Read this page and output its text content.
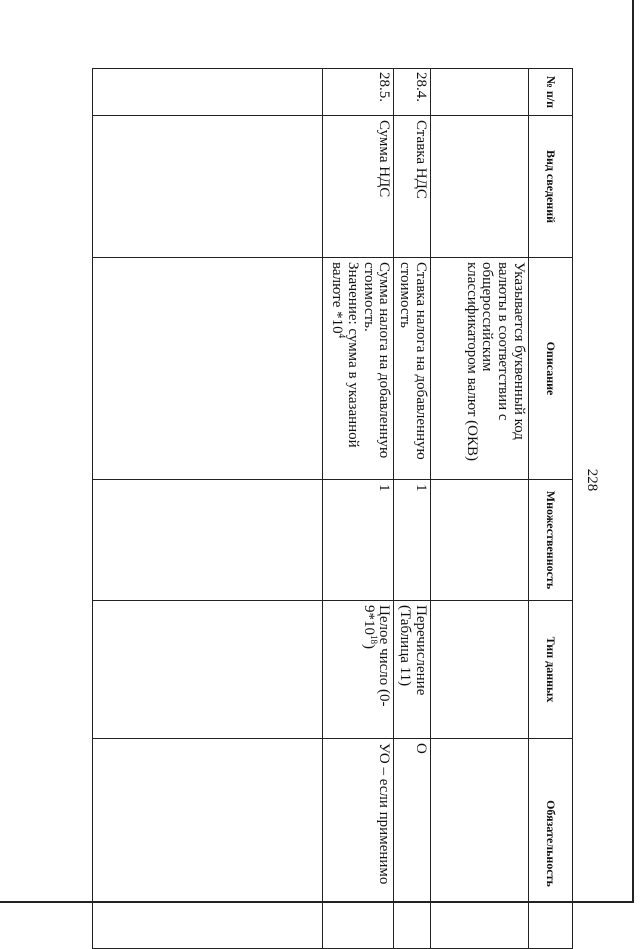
228
№ п/п	Вид сведений	Описание	Множественность	Тип данных	Обязательность

		Указывается буквенный код
валюты в соответствии с
общероссийским
классификатором валют (ОКВ)			

28.4.	Ставка НДС	Ставка налога на добавленную стоимость	1	Перечисление (Таблица 11)	О
28.5.	Сумма НДС	Сумма налога на добавленную стоимость.
Значение: сумма в указанной валюте $*10^4$	1	Целое число $(0-9*10^{18})$	УО – если применимо
